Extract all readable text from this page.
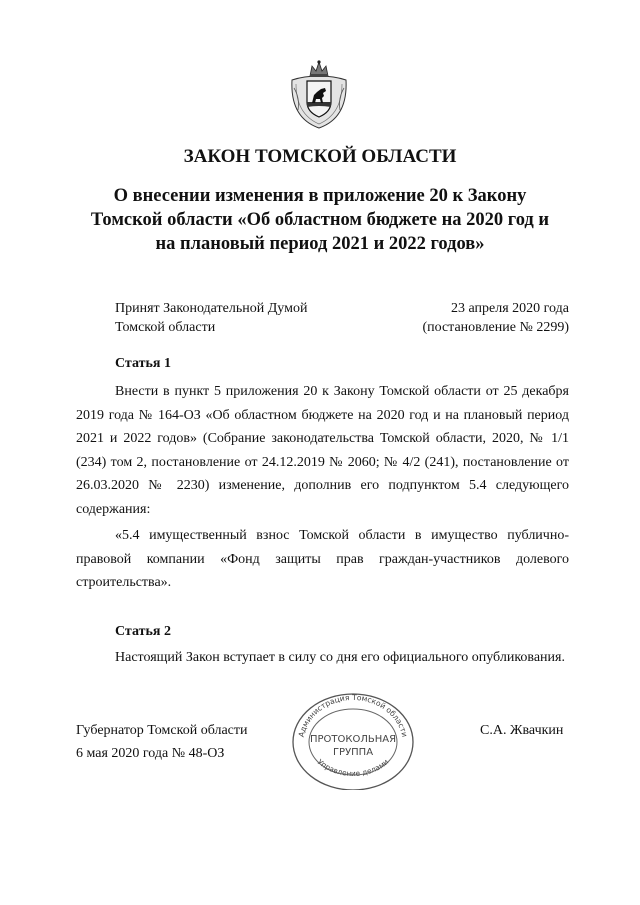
ЗАКОН ТОМСКОЙ ОБЛАСТИ
О внесении изменения в приложение 20 к Закону
Томской области «Об областном бюджете на 2020 год и
на плановый период 2021 и 2022 годов»
Принят Законодательной Думой
Томской области
23 апреля 2020 года
(постановление № 2299)
Статья 1

Внести в пункт 5 приложения 20 к Закону Томской области от 25 декабря 2019 года № 164-ОЗ «Об областном бюджете на 2020 год и на плановый период 2021 и 2022 годов» (Собрание законодательства Томской области, 2020, № 1/1 (234) том 2, постановление от 24.12.2019 № 2060; № 4/2 (241), постановление от 26.03.2020 № 2230) изменение, дополнив его подпунктом 5.4 следующего содержания:

«5.4 имущественный взнос Томской области в имущество публично-правовой компании «Фонд защиты прав граждан-участников долевого строительства».

Статья 2

Настоящий Закон вступает в силу со дня его официального опубликования.

Губернатор Томской области
6 мая 2020 года № 48-ОЗ
С.А. Жвачкин
Администрация Томской области
Управление делами
ПРОТОКОЛЬНАЯ
ГРУППА
